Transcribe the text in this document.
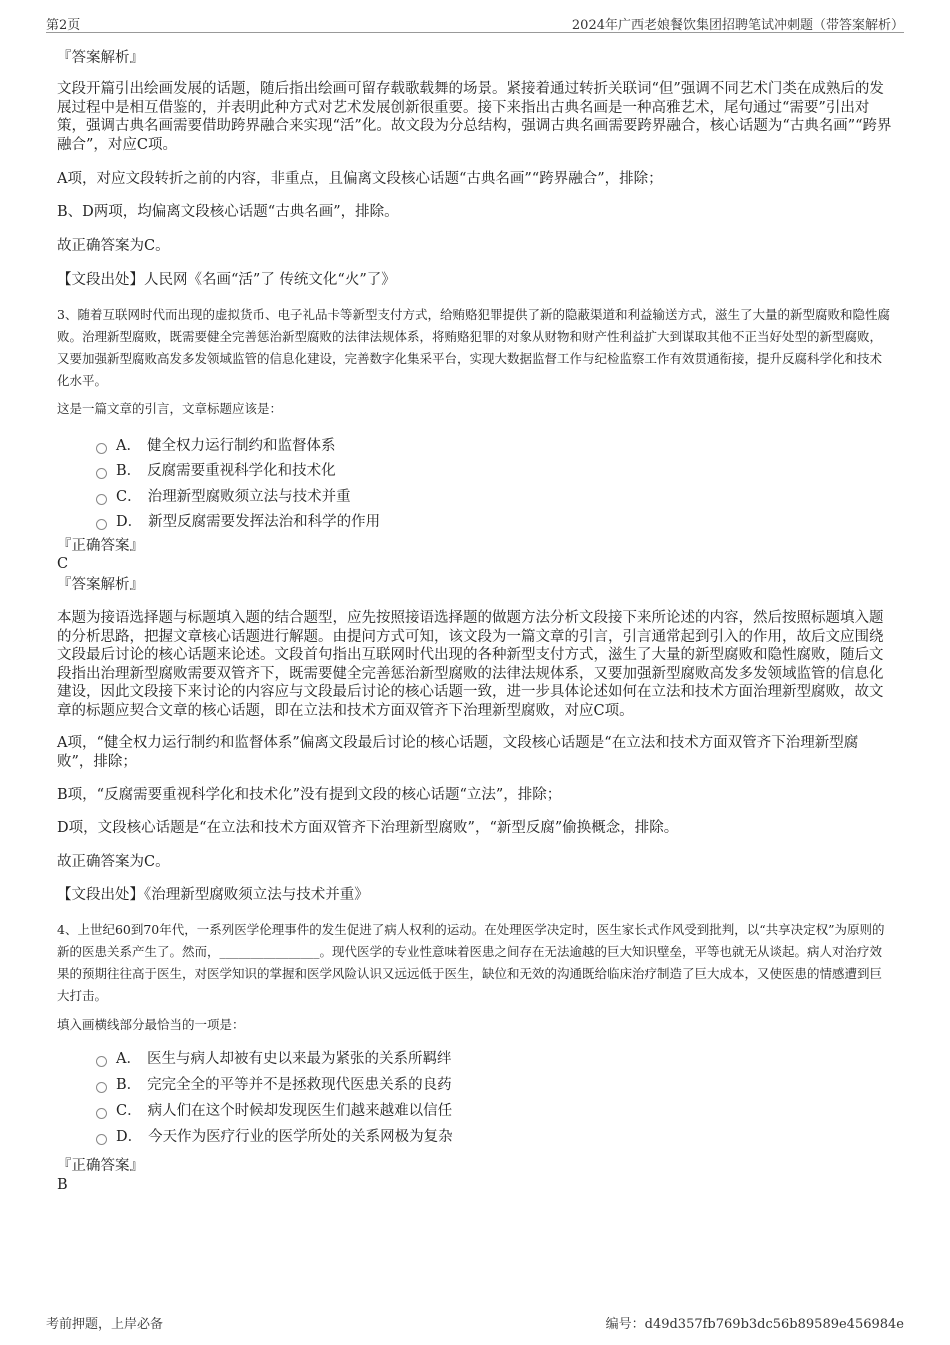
第2页	2024年广西老娘餐饮集团招聘笔试冲刺题（带答案解析）
『答案解析』
文段开篇引出绘画发展的话题，随后指出绘画可留存载歌载舞的场景。紧接着通过转折关联词“但”强调不同艺术门类在成熟后的发展过程中是相互借鉴的，并表明此种方式对艺术发展创新很重要。接下来指出古典名画是一种高雅艺术，尾句通过“需要”引出对策，强调古典名画需要借助跨界融合来实现“活”化。故文段为分总结构，强调古典名画需要跨界融合，核心话题为“古典名画”“跨界融合”，对应C项。
A项，对应文段转折之前的内容，非重点，且偏离文段核心话题“古典名画”“跨界融合”，排除；
B、D两项，均偏离文段核心话题“古典名画”，排除。
故正确答案为C。
【文段出处】人民网《名画“活”了 传统文化“火”了》
3、随着互联网时代而出现的虚拟货币、电子礼品卡等新型支付方式，给贿赂犯罪提供了新的隐蔽渠道和利益输送方式，滋生了大量的新型腐败和隐性腐败。治理新型腐败，既需要健全完善惩治新型腐败的法律法规体系，将贿赂犯罪的对象从财物和财产性利益扩大到谋取其他不正当好处型的新型腐败，又要加强新型腐败高发多发领域监管的信息化建设，完善数字化集采平台，实现大数据监督工作与纪检监察工作有效贯通衔接，提升反腐科学化和技术化水平。
这是一篇文章的引言，文章标题应该是：
A． 健全权力运行制约和监督体系
B． 反腐需要重视科学化和技术化
C． 治理新型腐败须立法与技术并重
D． 新型反腐需要发挥法治和科学的作用
『正确答案』
C
『答案解析』
本题为接语选择题与标题填入题的结合题型，应先按照接语选择题的做题方法分析文段接下来所论述的内容，然后按照标题填入题的分析思路，把握文章核心话题进行解题。由提问方式可知，该文段为一篇文章的引言，引言通常起到引入的作用，故后文应围绕文段最后讨论的核心话题来论述。文段首句指出互联网时代出现的各种新型支付方式，滋生了大量的新型腐败和隐性腐败，随后文段指出治理新型腐败需要双管齐下，既需要健全完善惩治新型腐败的法律法规体系，又要加强新型腐败高发多发领域监管的信息化建设，因此文段接下来讨论的内容应与文段最后讨论的核心话题一致，进一步具体论述如何在立法和技术方面治理新型腐败，故文章的标题应契合文章的核心话题，即在立法和技术方面双管齐下治理新型腐败，对应C项。
A项，“健全权力运行制约和监督体系”偏离文段最后讨论的核心话题，文段核心话题是“在立法和技术方面双管齐下治理新型腐败”，排除；
B项，“反腐需要重视科学化和技术化”没有提到文段的核心话题“立法”，排除；
D项，文段核心话题是“在立法和技术方面双管齐下治理新型腐败”，“新型反腐”偷换概念，排除。
故正确答案为C。
【文段出处】《治理新型腐败须立法与技术并重》
4、上世纪60到70年代，一系列医学伦理事件的发生促进了病人权利的运动。在处理医学决定时，医生家长式作风受到批判，以“共享决定权”为原则的新的医患关系产生了。然而，________________。现代医学的专业性意味着医患之间存在无法逾越的巨大知识壁垒，平等也就无从谈起。病人对治疗效果的预期往往高于医生，对医学知识的掌握和医学风险认识又远远低于医生，缺位和无效的沟通既给临床治疗制造了巨大成本，又使医患的情感遭到巨大打击。
填入画横线部分最恰当的一项是：
A． 医生与病人却被有史以来最为紧张的关系所羁绊
B． 完完全全的平等并不是拯救现代医患关系的良药
C． 病人们在这个时候却发现医生们越来越难以信任
D． 今天作为医疗行业的医学所处的关系网极为复杂
『正确答案』
B
考前押题，上岸必备	编号：d49d357fb769b3dc56b89589e456984e
